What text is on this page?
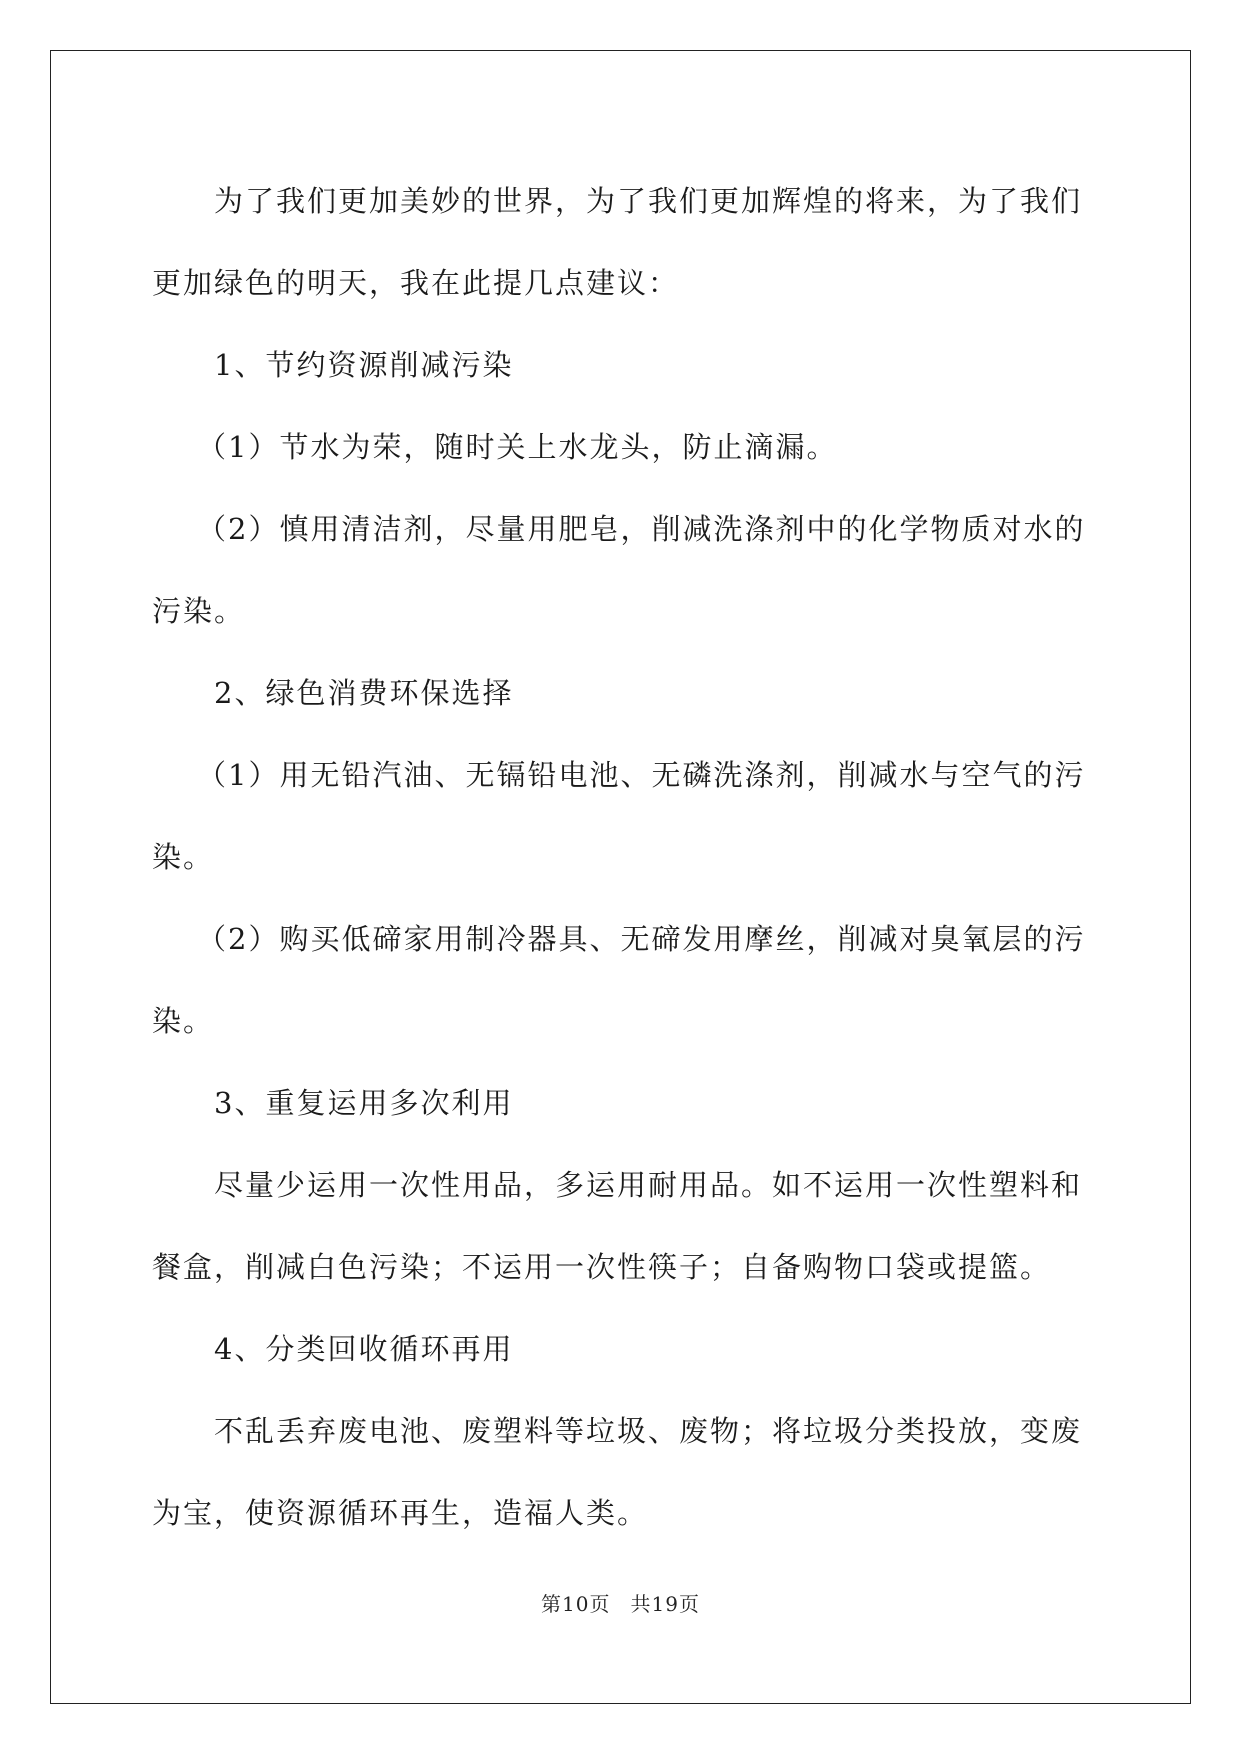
为了我们更加美妙的世界，为了我们更加辉煌的将来，为了我们

更加绿色的明天，我在此提几点建议：

1、节约资源削减污染

（1）节水为荣，随时关上水龙头，防止滴漏。

（2）慎用清洁剂，尽量用肥皂，削减洗涤剂中的化学物质对水的

污染。

2、绿色消费环保选择

（1）用无铅汽油、无镉铅电池、无磷洗涤剂，削减水与空气的污

染。

（2）购买低碲家用制冷器具、无碲发用摩丝，削减对臭氧层的污

染。

3、重复运用多次利用

尽量少运用一次性用品，多运用耐用品。如不运用一次性塑料和

餐盒，削减白色污染；不运用一次性筷子；自备购物口袋或提篮。

4、分类回收循环再用

不乱丢弃废电池、废塑料等垃圾、废物；将垃圾分类投放，变废

为宝，使资源循环再生，造福人类。

第10页 共19页
